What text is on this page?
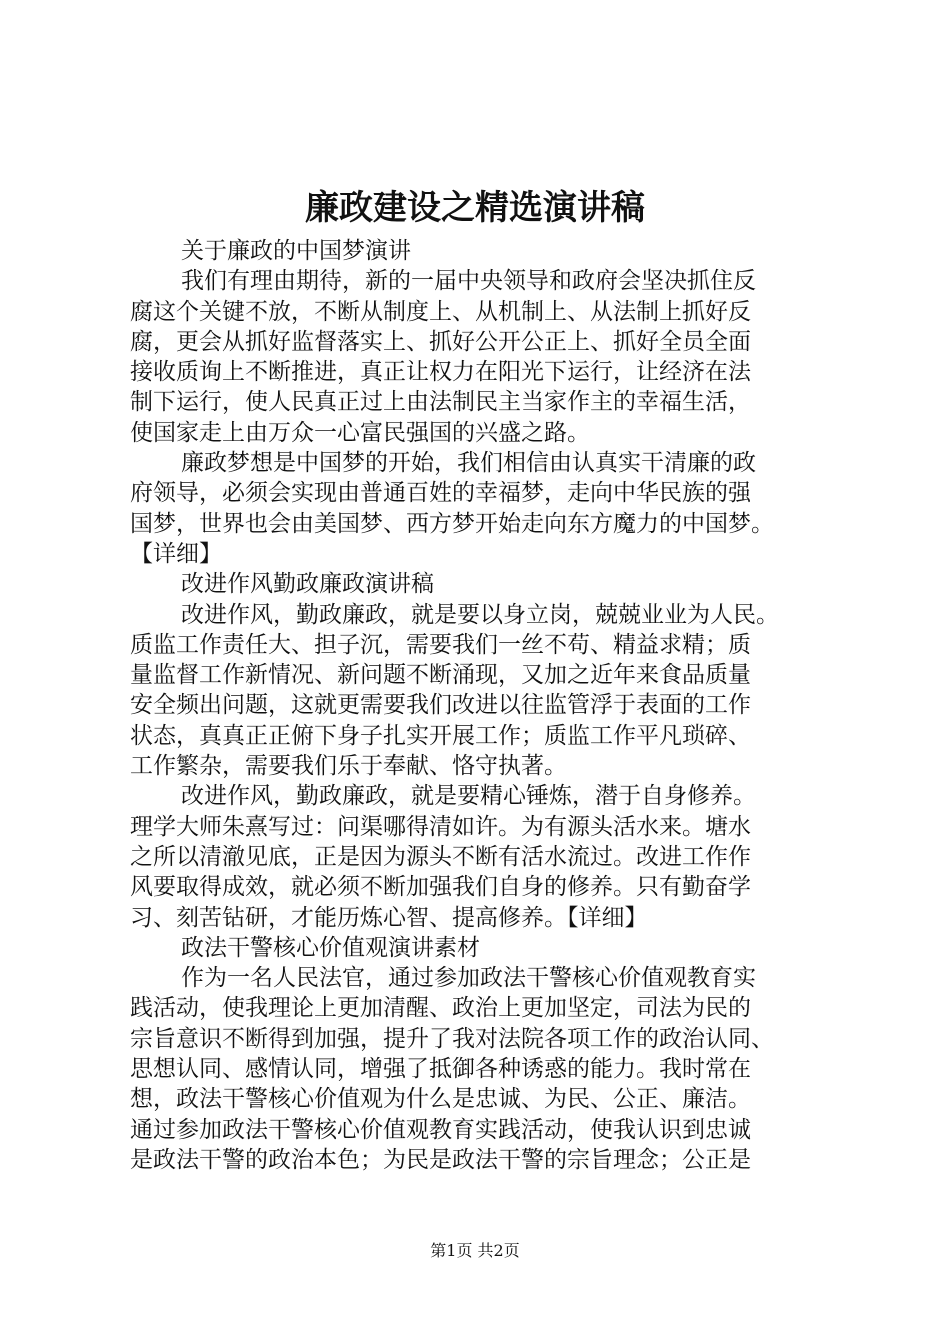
廉政建设之精选演讲稿
关于廉政的中国梦演讲
我们有理由期待，新的一届中央领导和政府会坚决抓住反
腐这个关键不放，不断从制度上、从机制上、从法制上抓好反
腐，更会从抓好监督落实上、抓好公开公正上、抓好全员全面
接收质询上不断推进，真正让权力在阳光下运行，让经济在法
制下运行，使人民真正过上由法制民主当家作主的幸福生活，
使国家走上由万众一心富民强国的兴盛之路。
廉政梦想是中国梦的开始，我们相信由认真实干清廉的政
府领导，必须会实现由普通百姓的幸福梦，走向中华民族的强
国梦，世界也会由美国梦、西方梦开始走向东方魔力的中国梦。
【详细】
改进作风勤政廉政演讲稿
改进作风，勤政廉政，就是要以身立岗，兢兢业业为人民。
质监工作责任大、担子沉，需要我们一丝不苟、精益求精；质
量监督工作新情况、新问题不断涌现，又加之近年来食品质量
安全频出问题，这就更需要我们改进以往监管浮于表面的工作
状态，真真正正俯下身子扎实开展工作；质监工作平凡琐碎、
工作繁杂，需要我们乐于奉献、恪守执著。
改进作风，勤政廉政，就是要精心锤炼，潜于自身修养。
理学大师朱熹写过：问渠哪得清如许。为有源头活水来。塘水
之所以清澈见底，正是因为源头不断有活水流过。改进工作作
风要取得成效，就必须不断加强我们自身的修养。只有勤奋学
习、刻苦钻研，才能历炼心智、提高修养。【详细】
政法干警核心价值观演讲素材
作为一名人民法官，通过参加政法干警核心价值观教育实
践活动，使我理论上更加清醒、政治上更加坚定，司法为民的
宗旨意识不断得到加强，提升了我对法院各项工作的政治认同、
思想认同、感情认同，增强了抵御各种诱惑的能力。我时常在
想，政法干警核心价值观为什么是忠诚、为民、公正、廉洁。
通过参加政法干警核心价值观教育实践活动，使我认识到忠诚
是政法干警的政治本色；为民是政法干警的宗旨理念；公正是
第1页 共2页
